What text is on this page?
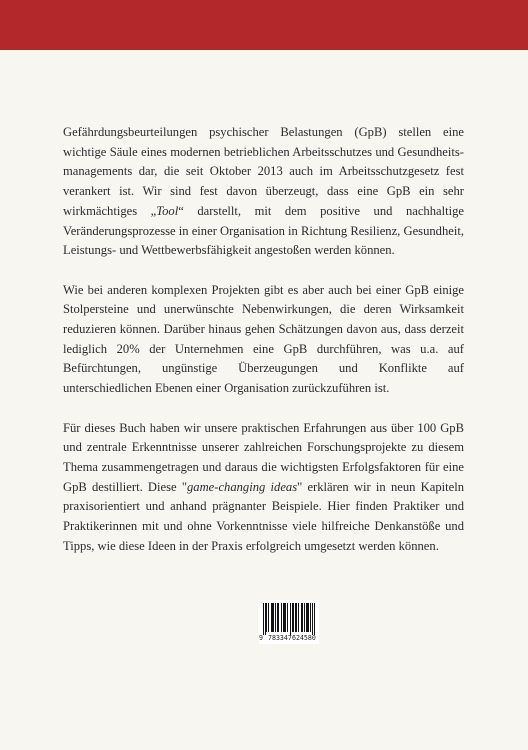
Gefährdungsbeurteilungen psychischer Belastungen (GpB) stellen eine wichtige Säule eines modernen betrieblichen Arbeitsschutzes und Gesundheitsmanagements dar, die seit Oktober 2013 auch im Arbeitsschutzgesetz fest verankert ist. Wir sind fest davon überzeugt, dass eine GpB ein sehr wirkmächtiges „Tool“ darstellt, mit dem positive und nachhaltige Veränderungsprozesse in einer Organisation in Richtung Resilienz, Gesundheit, Leistungs- und Wettbewerbsfähigkeit angestoßen werden können.

Wie bei anderen komplexen Projekten gibt es aber auch bei einer GpB einige Stolpersteine und unerwünschte Nebenwirkungen, die deren Wirksamkeit reduzieren können. Darüber hinaus gehen Schätzungen davon aus, dass derzeit lediglich 20% der Unternehmen eine GpB durchführen, was u.a. auf Befürchtungen, ungünstige Überzeugungen und Konflikte auf unterschiedlichen Ebenen einer Organisation zurückzuführen ist.

Für dieses Buch haben wir unsere praktischen Erfahrungen aus über 100 GpB und zentrale Erkenntnisse unserer zahlreichen Forschungsprojekte zu diesem Thema zusammengetragen und daraus die wichtigsten Erfolgsfaktoren für eine GpB destilliert. Diese "game-changing ideas" erklären wir in neun Kapiteln praxisorientiert und anhand prägnanter Beispiele. Hier finden Praktiker und Praktikerinnen mit und ohne Vorkenntnisse viele hilfreiche Denkanstöße und Tipps, wie diese Ideen in der Praxis erfolgreich umgesetzt werden können.

9 783347 624580
